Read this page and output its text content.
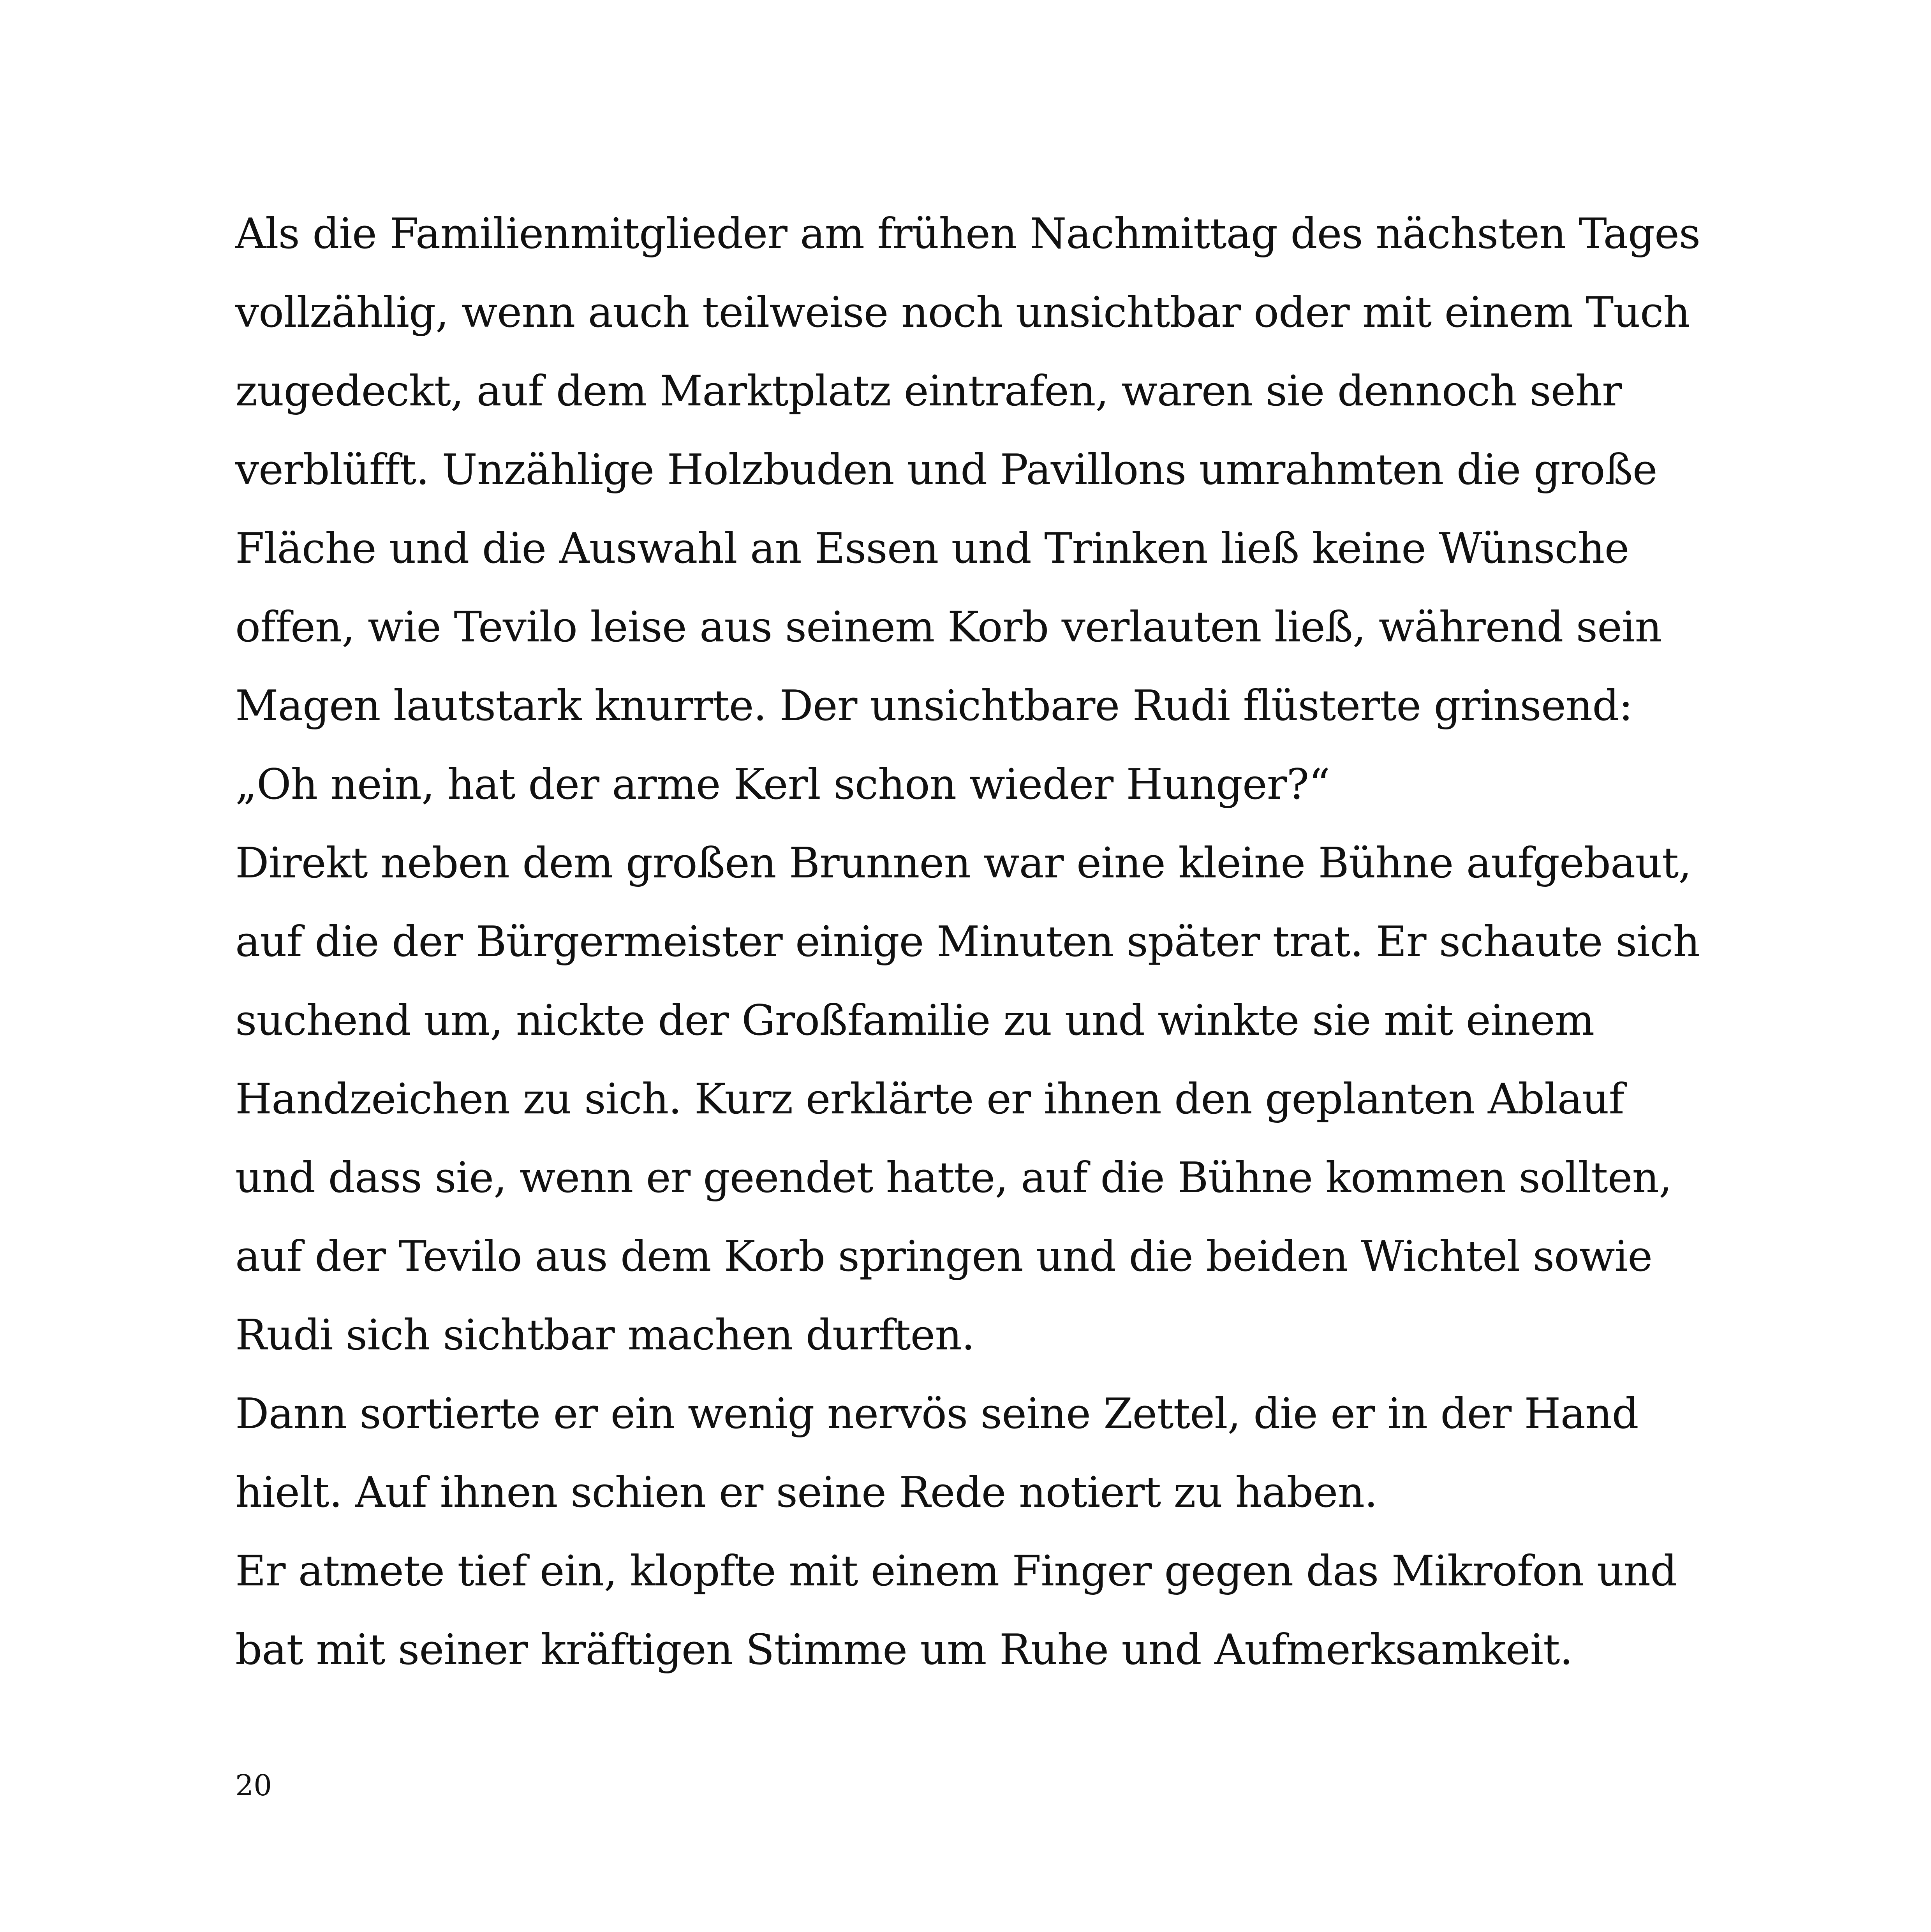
Als die Familienmitglieder am frühen Nachmittag des nächsten Tages
vollzählig, wenn auch teilweise noch unsichtbar oder mit einem Tuch
zugedeckt, auf dem Marktplatz eintrafen, waren sie dennoch sehr
verblüfft. Unzählige Holzbuden und Pavillons umrahmten die große
Fläche und die Auswahl an Essen und Trinken ließ keine Wünsche
offen, wie Tevilo leise aus seinem Korb verlauten ließ, während sein
Magen lautstark knurrte. Der unsichtbare Rudi flüsterte grinsend:
„Oh nein, hat der arme Kerl schon wieder Hunger?“
Direkt neben dem großen Brunnen war eine kleine Bühne aufgebaut,
auf die der Bürgermeister einige Minuten später trat. Er schaute sich
suchend um, nickte der Großfamilie zu und winkte sie mit einem
Handzeichen zu sich. Kurz erklärte er ihnen den geplanten Ablauf
und dass sie, wenn er geendet hatte, auf die Bühne kommen sollten,
auf der Tevilo aus dem Korb springen und die beiden Wichtel sowie
Rudi sich sichtbar machen durften.
Dann sortierte er ein wenig nervös seine Zettel, die er in der Hand
hielt. Auf ihnen schien er seine Rede notiert zu haben.
Er atmete tief ein, klopfte mit einem Finger gegen das Mikrofon und
bat mit seiner kräftigen Stimme um Ruhe und Aufmerksamkeit.
20
